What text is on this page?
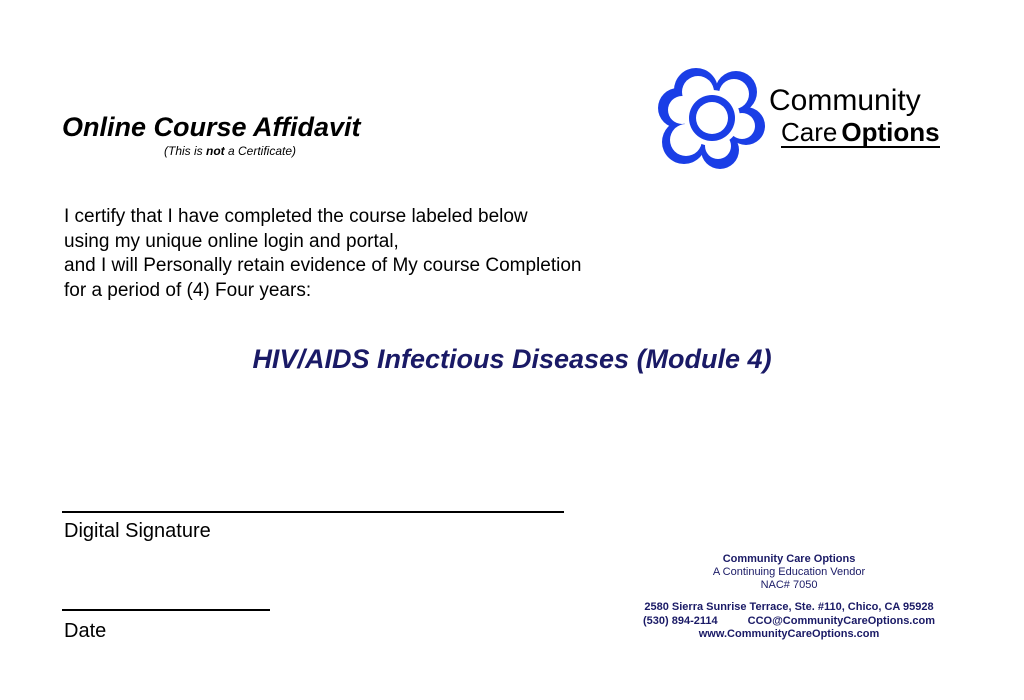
Online Course Affidavit
(This is not a Certificate)
Community
Care Options
I certify that I have completed the course labeled below
using my unique online login and portal,
and I will Personally retain evidence of My course Completion
for a period of (4) Four years:
HIV/AIDS Infectious Diseases (Module 4)
Digital Signature
Date
Community Care Options
A Continuing Education Vendor
NAC# 7050
2580 Sierra Sunrise Terrace, Ste. #110, Chico, CA 95928
(530) 894-2114	CCO@CommunityCareOptions.com
www.CommunityCareOptions.com
